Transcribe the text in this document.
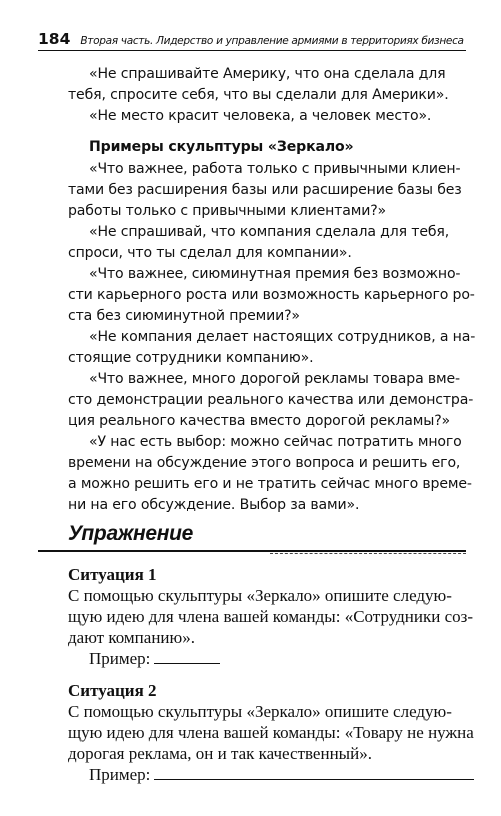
184 Вторая часть. Лидерство и управление армиями в территориях бизнеса
«Не спрашивайте Америку, что она сделала для
тебя, спросите себя, что вы сделали для Америки».
«Не место красит человека, а человек место».
Примеры скульптуры «Зеркало»
«Что важнее, работа только с привычными клиен-
тами без расширения базы или расширение базы без
работы только с привычными клиентами?»
«Не спрашивай, что компания сделала для тебя,
спроси, что ты сделал для компании».
«Что важнее, сиюминутная премия без возможно-
сти карьерного роста или возможность карьерного ро-
ста без сиюминутной премии?»
«Не компания делает настоящих сотрудников, а на-
стоящие сотрудники компанию».
«Что важнее, много дорогой рекламы товара вме-
сто демонстрации реального качества или демонстра-
ция реального качества вместо дорогой рекламы?»
«У нас есть выбор: можно сейчас потратить много
времени на обсуждение этого вопроса и решить его,
а можно решить его и не тратить сейчас много време-
ни на его обсуждение. Выбор за вами».
Упражнение
Ситуация 1
С помощью скульптуры «Зеркало» опишите следую-
щую идею для члена вашей команды: «Сотрудники соз-
дают компанию».
Пример:
Ситуация 2
С помощью скульптуры «Зеркало» опишите следую-
щую идею для члена вашей команды: «Товару не нужна
дорогая реклама, он и так качественный».
Пример:
